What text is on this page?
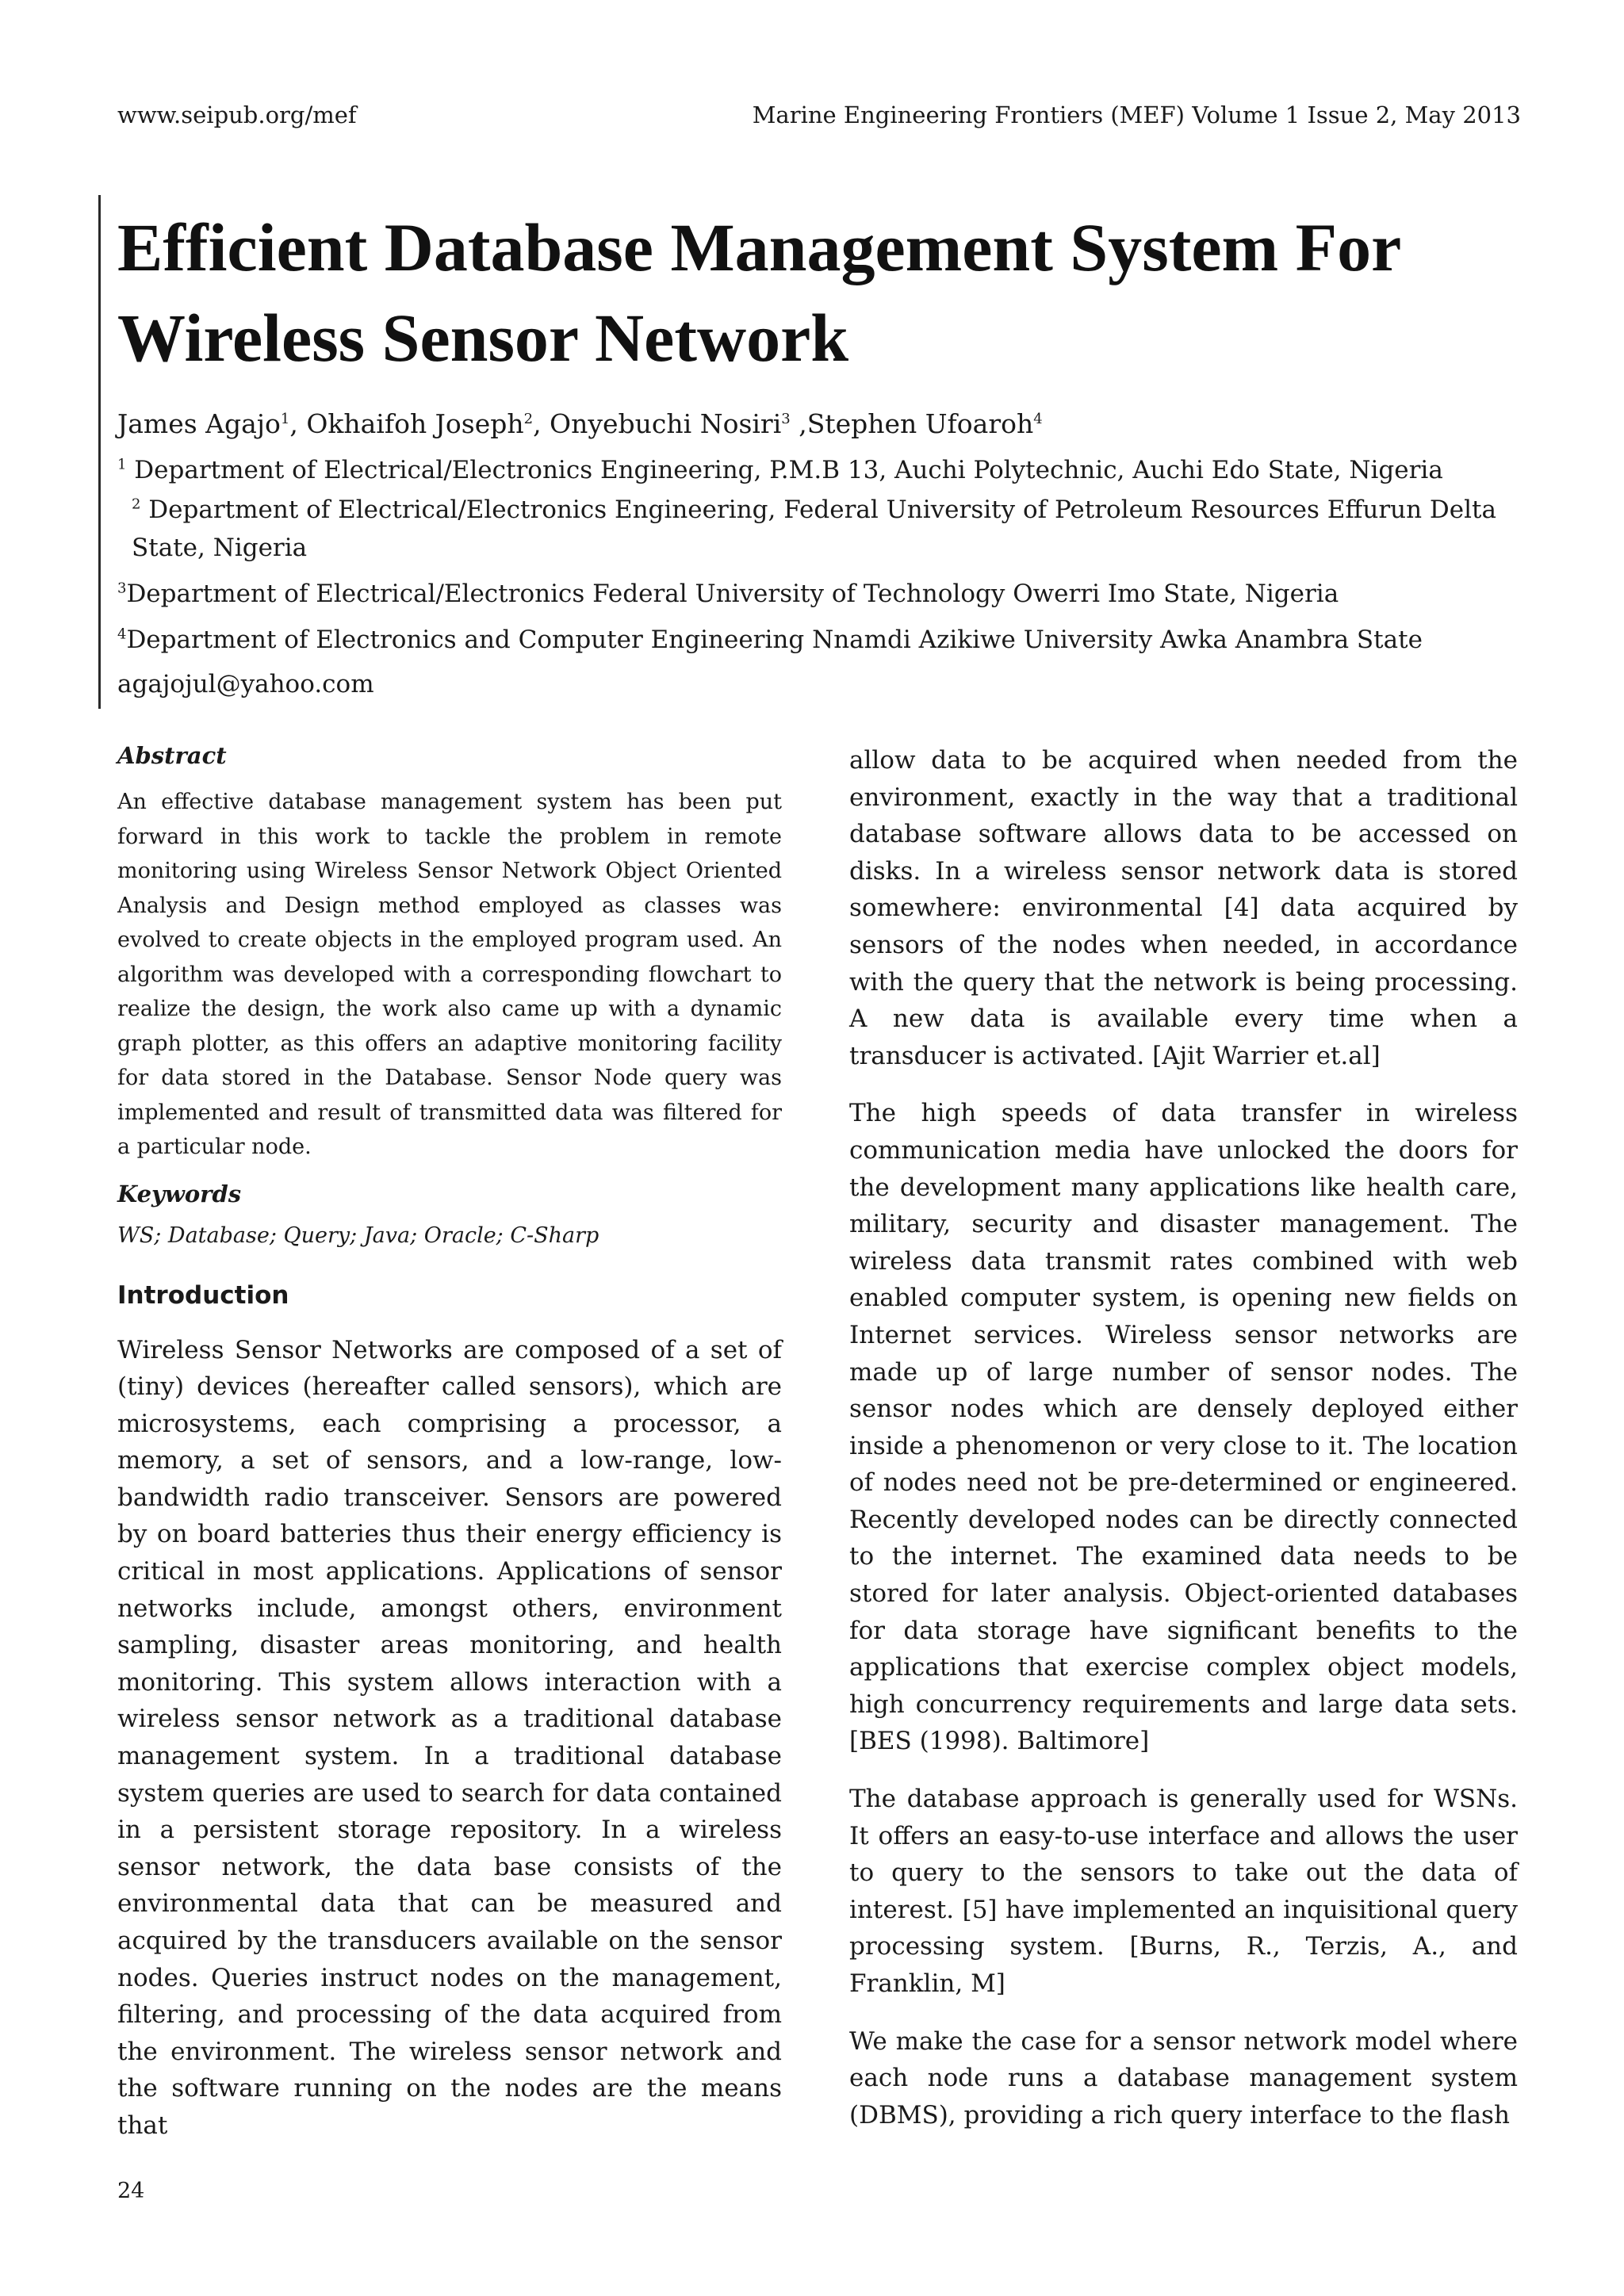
www.seipub.org/mef	Marine Engineering Frontiers (MEF) Volume 1 Issue 2, May 2013
Efficient Database Management System For
Wireless Sensor Network
James Agajo$^1$, Okhaifoh Joseph$^2$, Onyebuchi Nosiri$^3$ ,Stephen Ufoaroh$^4$

$^1$ Department of Electrical/Electronics Engineering, P.M.B 13, Auchi Polytechnic, Auchi Edo State, Nigeria

$^2$ Department of Electrical/Electronics Engineering, Federal University of Petroleum Resources Effurun Delta State, Nigeria

$^3$Department of Electrical/Electronics Federal University of Technology Owerri Imo State, Nigeria

$^4$Department of Electronics and Computer Engineering Nnamdi Azikiwe University Awka Anambra State

agajojul@yahoo.com

Abstract

An effective database management system has been put forward in this work to tackle the problem in remote monitoring using Wireless Sensor Network Object Oriented Analysis and Design method employed as classes was evolved to create objects in the employed program used. An algorithm was developed with a corresponding flowchart to realize the design, the work also came up with a dynamic graph plotter, as this offers an adaptive monitoring facility for data stored in the Database. Sensor Node query was implemented and result of transmitted data was filtered for a particular node.

Keywords

WS; Database; Query; Java; Oracle; C-Sharp

Introduction

Wireless Sensor Networks are composed of a set of (tiny) devices (hereafter called sensors), which are microsystems, each comprising a processor, a memory, a set of sensors, and a low-range, low-bandwidth radio transceiver. Sensors are powered by on board batteries thus their energy efficiency is critical in most applications. Applications of sensor networks include, amongst others, environment sampling, disaster areas monitoring, and health monitoring. This system allows interaction with a wireless sensor network as a traditional database management system. In a traditional database system queries are used to search for data contained in a persistent storage repository. In a wireless sensor network, the data base consists of the environmental data that can be measured and acquired by the transducers available on the sensor nodes. Queries instruct nodes on the management, filtering, and processing of the data acquired from the environment. The wireless sensor network and the software running on the nodes are the means that

allow data to be acquired when needed from the environment, exactly in the way that a traditional database software allows data to be accessed on disks. In a wireless sensor network data is stored somewhere: environmental [4] data acquired by sensors of the nodes when needed, in accordance with the query that the network is being processing. A new data is available every time when a transducer is activated. [Ajit Warrier et.al]

The high speeds of data transfer in wireless communication media have unlocked the doors for the development many applications like health care, military, security and disaster management. The wireless data transmit rates combined with web enabled computer system, is opening new fields on Internet services. Wireless sensor networks are made up of large number of sensor nodes. The sensor nodes which are densely deployed either inside a phenomenon or very close to it. The location of nodes need not be pre-determined or engineered. Recently developed nodes can be directly connected to the internet. The examined data needs to be stored for later analysis. Object-oriented databases for data storage have significant benefits to the applications that exercise complex object models, high concurrency requirements and large data sets. [BES (1998). Baltimore]

The database approach is generally used for WSNs. It offers an easy-to-use interface and allows the user to query to the sensors to take out the data of interest. [5] have implemented an inquisitional query processing system. [Burns, R., Terzis, A., and Franklin, M]

We make the case for a sensor network model where each node runs a database management system (DBMS), providing a rich query interface to the flash

24
